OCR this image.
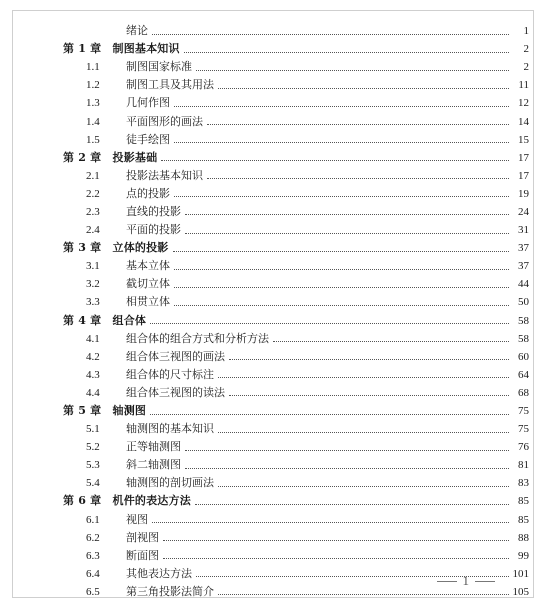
绪论	1
第 1 章　制图基本知识	2
1.1	制图国家标准	2
1.2	制图工具及其用法	11
1.3	几何作图	12
1.4	平面图形的画法	14
1.5	徒手绘图	15
第 2 章　投影基础	17
2.1	投影法基本知识	17
2.2	点的投影	19
2.3	直线的投影	24
2.4	平面的投影	31
第 3 章　立体的投影	37
3.1	基本立体	37
3.2	截切立体	44
3.3	相贯立体	50
第 4 章　组合体	58
4.1	组合体的组合方式和分析方法	58
4.2	组合体三视图的画法	60
4.3	组合体的尺寸标注	64
4.4	组合体三视图的读法	68
第 5 章　轴测图	75
5.1	轴测图的基本知识	75
5.2	正等轴测图	76
5.3	斜二轴测图	81
5.4	轴测图的剖切画法	83
第 6 章　机件的表达方法	85
6.1	视图	85
6.2	剖视图	88
6.3	断面图	99
6.4	其他表达方法	101
6.5	第三角投影法简介	105
1
